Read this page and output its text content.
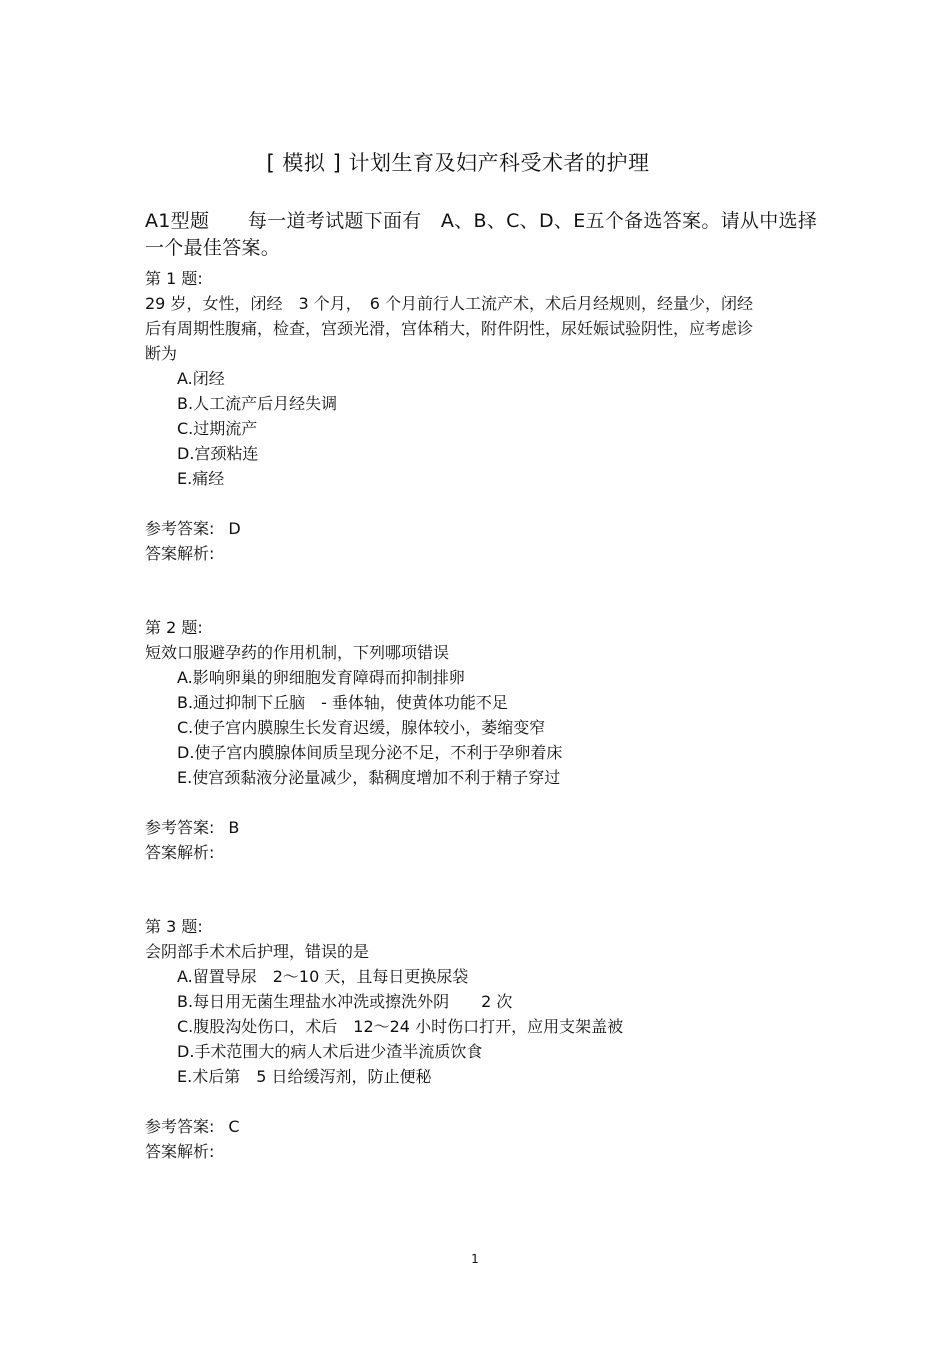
[ 模拟 ] 计划生育及妇产科受术者的护理
A1型题　　每一道考试题下面有　A、B、C、D、E五个备选答案。请从中选择一个最佳答案。
第 1 题:
29 岁，女性，闭经　3 个月，　6 个月前行人工流产术，术后月经规则，经量少，闭经后有周期性腹痛，检查，宫颈光滑，宫体稍大，附件阴性，尿妊娠试验阴性，应考虑诊断为
A.闭经
B.人工流产后月经失调
C.过期流产
D.宫颈粘连
E.痛经
参考答案: D
答案解析:
第 2 题:
短效口服避孕药的作用机制，下列哪项错误
A.影响卵巢的卵细胞发育障碍而抑制排卵
B.通过抑制下丘脑　- 垂体轴，使黄体功能不足
C.使子宫内膜腺生长发育迟缓，腺体较小，萎缩变窄
D.使子宫内膜腺体间质呈现分泌不足，不利于孕卵着床
E.使宫颈黏液分泌量减少，黏稠度增加不利于精子穿过
参考答案: B
答案解析:
第 3 题:
会阴部手术术后护理，错误的是
A.留置导尿　2～10 天，且每日更换尿袋
B.每日用无菌生理盐水冲洗或擦洗外阴　　2 次
C.腹股沟处伤口，术后　12～24 小时伤口打开，应用支架盖被
D.手术范围大的病人术后进少渣半流质饮食
E.术后第　5 日给缓泻剂，防止便秘
参考答案: C
答案解析:
1
